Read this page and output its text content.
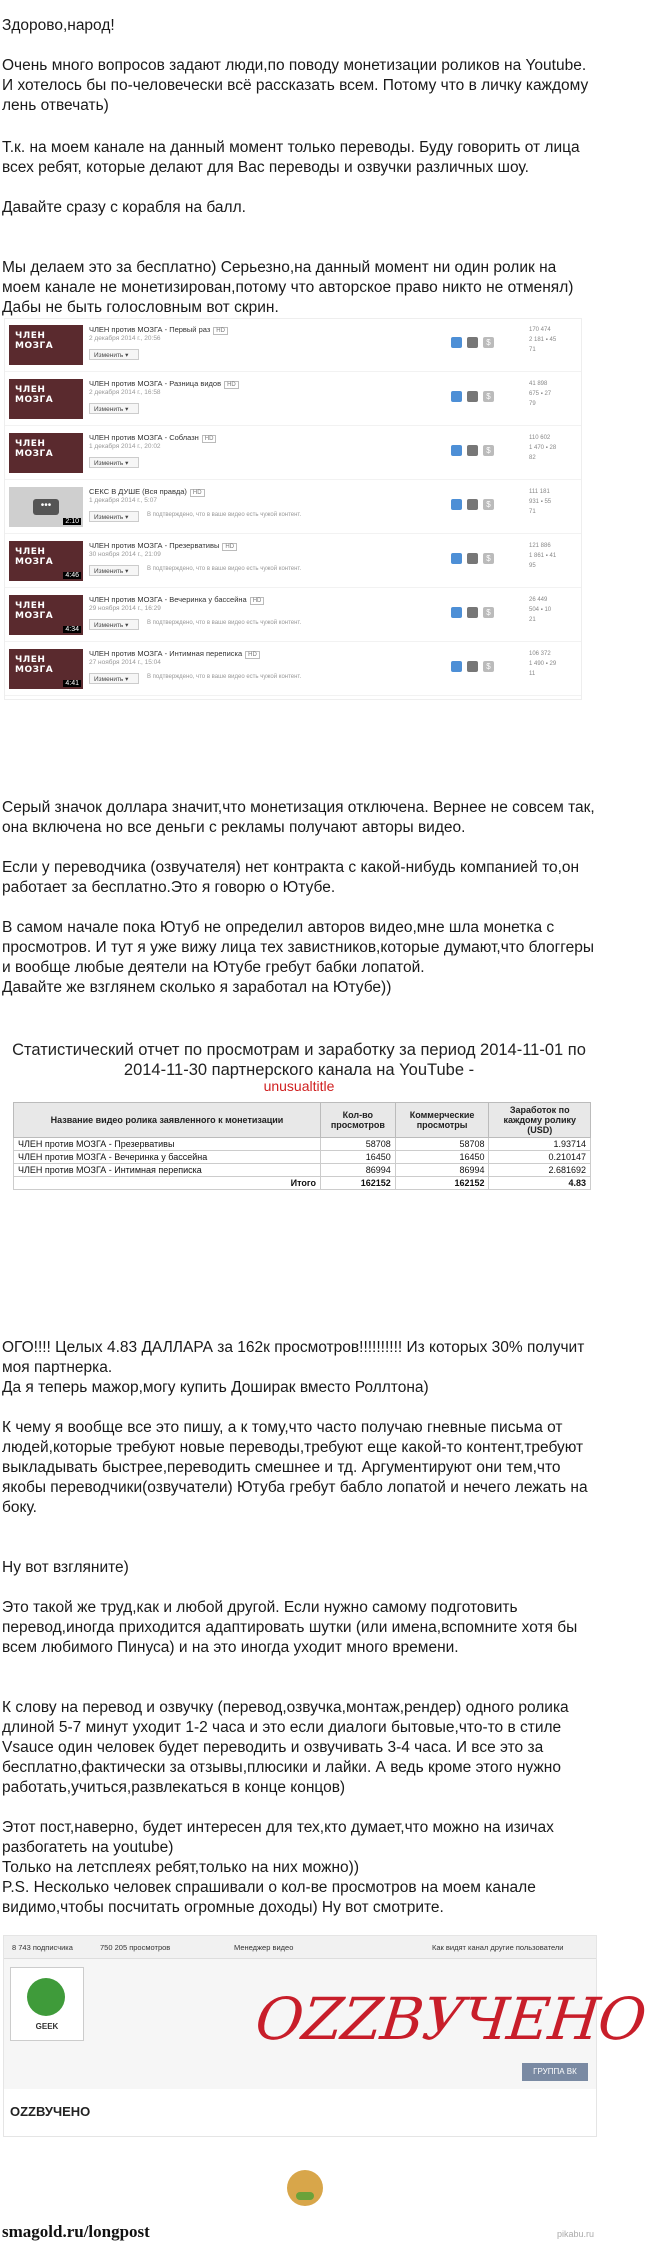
Здорово,народ!

Очень много вопросов задают люди,по поводу монетизации роликов на Youtube. И хотелось бы по-человечески всё рассказать всем. Потому что в личку каждому лень отвечать)

Т.к. на моем канале на данный момент только переводы. Буду говорить от лица всех ребят, которые делают для Вас переводы и озвучки различных шоу.

Давайте сразу с корабля на балл.

Мы делаем это за бесплатно) Серьезно,на данный момент ни один ролик на моем канале не монетизирован,потому что авторское право никто не отменял) Дабы не быть голословным вот скрин.

ЧЛЕН МОЗГА
ЧЛЕН против МОЗГА - Первый раз HD
2 декабря 2014 г., 20:56
Изменить ▾
$
170 474
2 181 ▪ 45
71
ЧЛЕН МОЗГА
ЧЛЕН против МОЗГА - Разница видов HD
2 декабря 2014 г., 16:58
Изменить ▾
$
41 898
675 ▪ 27
79
ЧЛЕН МОЗГА
ЧЛЕН против МОЗГА - Соблазн HD
1 декабря 2014 г., 20:02
Изменить ▾
$
110 602
1 470 ▪ 28
82
•••
2:10
СЕКС В ДУШЕ (Вся правда) HD
1 декабря 2014 г., 5:07
Изменить ▾	В подтверждено, что в ваше видео есть чужой контент.
$
111 181
931 ▪ 55
71
ЧЛЕН МОЗГА
4:46
ЧЛЕН против МОЗГА - Презервативы HD
30 ноября 2014 г., 21:09
Изменить ▾	В подтверждено, что в ваше видео есть чужой контент.
$
121 886
1 861 ▪ 41
95
ЧЛЕН МОЗГА
4:34
ЧЛЕН против МОЗГА - Вечеринка у бассейна HD
29 ноября 2014 г., 16:29
Изменить ▾	В подтверждено, что в ваше видео есть чужой контент.
$
26 449
504 ▪ 10
21
ЧЛЕН МОЗГА
4:41
ЧЛЕН против МОЗГА - Интимная переписка HD
27 ноября 2014 г., 15:04
Изменить ▾	В подтверждено, что в ваше видео есть чужой контент.
$
106 372
1 490 ▪ 29
11

Серый значок доллара значит,что монетизация отключена. Вернее не совсем так, она включена но все деньги с рекламы получают авторы видео.

Если у переводчика (озвучателя) нет контракта с какой-нибудь компанией то,он работает за бесплатно.Это я говорю о Ютубе.

В самом начале пока Ютуб не определил авторов видео,мне шла монетка с просмотров. И тут я уже вижу лица тех завистников,которые думают,что блоггеры и вообще любые деятели на Ютубе гребут бабки лопатой.
Давайте же взглянем сколько я заработал на Ютубе))

Статистический отчет по просмотрам и заработку за период 2014-11-01 по 2014-11-30 партнерского канала на YouTube -
unusualtitle
Название видео ролика заявленного к монетизации	Кол-во просмотров	Коммерческие просмотры	Заработок по каждому ролику (USD)
ЧЛЕН против МОЗГА - Презервативы	58708	58708	1.93714
ЧЛЕН против МОЗГА - Вечеринка у бассейна	16450	16450	0.210147
ЧЛЕН против МОЗГА - Интимная переписка	86994	86994	2.681692
Итого	162152	162152	4.83

ОГО!!!! Целых 4.83 ДАЛЛАРА за 162к просмотров!!!!!!!!!! Из которых 30% получит моя партнерка.
Да я теперь мажор,могу купить Доширак вместо Роллтона)

К чему я вообще все это пишу, а к тому,что часто получаю гневные письма от людей,которые требуют новые переводы,требуют еще какой-то контент,требуют выкладывать быстрее,переводить смешнее и тд. Аргументируют они тем,что якобы переводчики(озвучатели) Ютуба гребут бабло лопатой и нечего лежать на боку.

Ну вот взгляните)

Это такой же труд,как и любой другой. Если нужно самому подготовить перевод,иногда приходится адаптировать шутки (или имена,вспомните хотя бы всем любимого Пинуса) и на это иногда уходит много времени.

К слову на перевод и озвучку (перевод,озвучка,монтаж,рендер) одного ролика длиной 5-7 минут уходит 1-2 часа и это если диалоги бытовые,что-то в стиле Vsauce один человек будет переводить и озвучивать 3-4 часа. И все это за бесплатно,фактически за отзывы,плюсики и лайки. А ведь кроме этого нужно работать,учиться,развлекаться в конце концов)

Этот пост,наверно, будет интересен для тех,кто думает,что можно на изичах разбогатеть на youtube)
Только на летсплеях ребят,только на них можно))

P.S. Несколько человек спрашивали о кол-ве просмотров на моем канале видимо,чтобы посчитать огромные доходы) Ну вот смотрите.

8 743 подписчика	750 205 просмотров	Менеджер видео	Как видят канал другие пользователи
GEEK	OZZВУЧЕНО
ГРУППА ВК
OZZВУЧЕНО
smagold.ru/longpost	pikabu.ru
